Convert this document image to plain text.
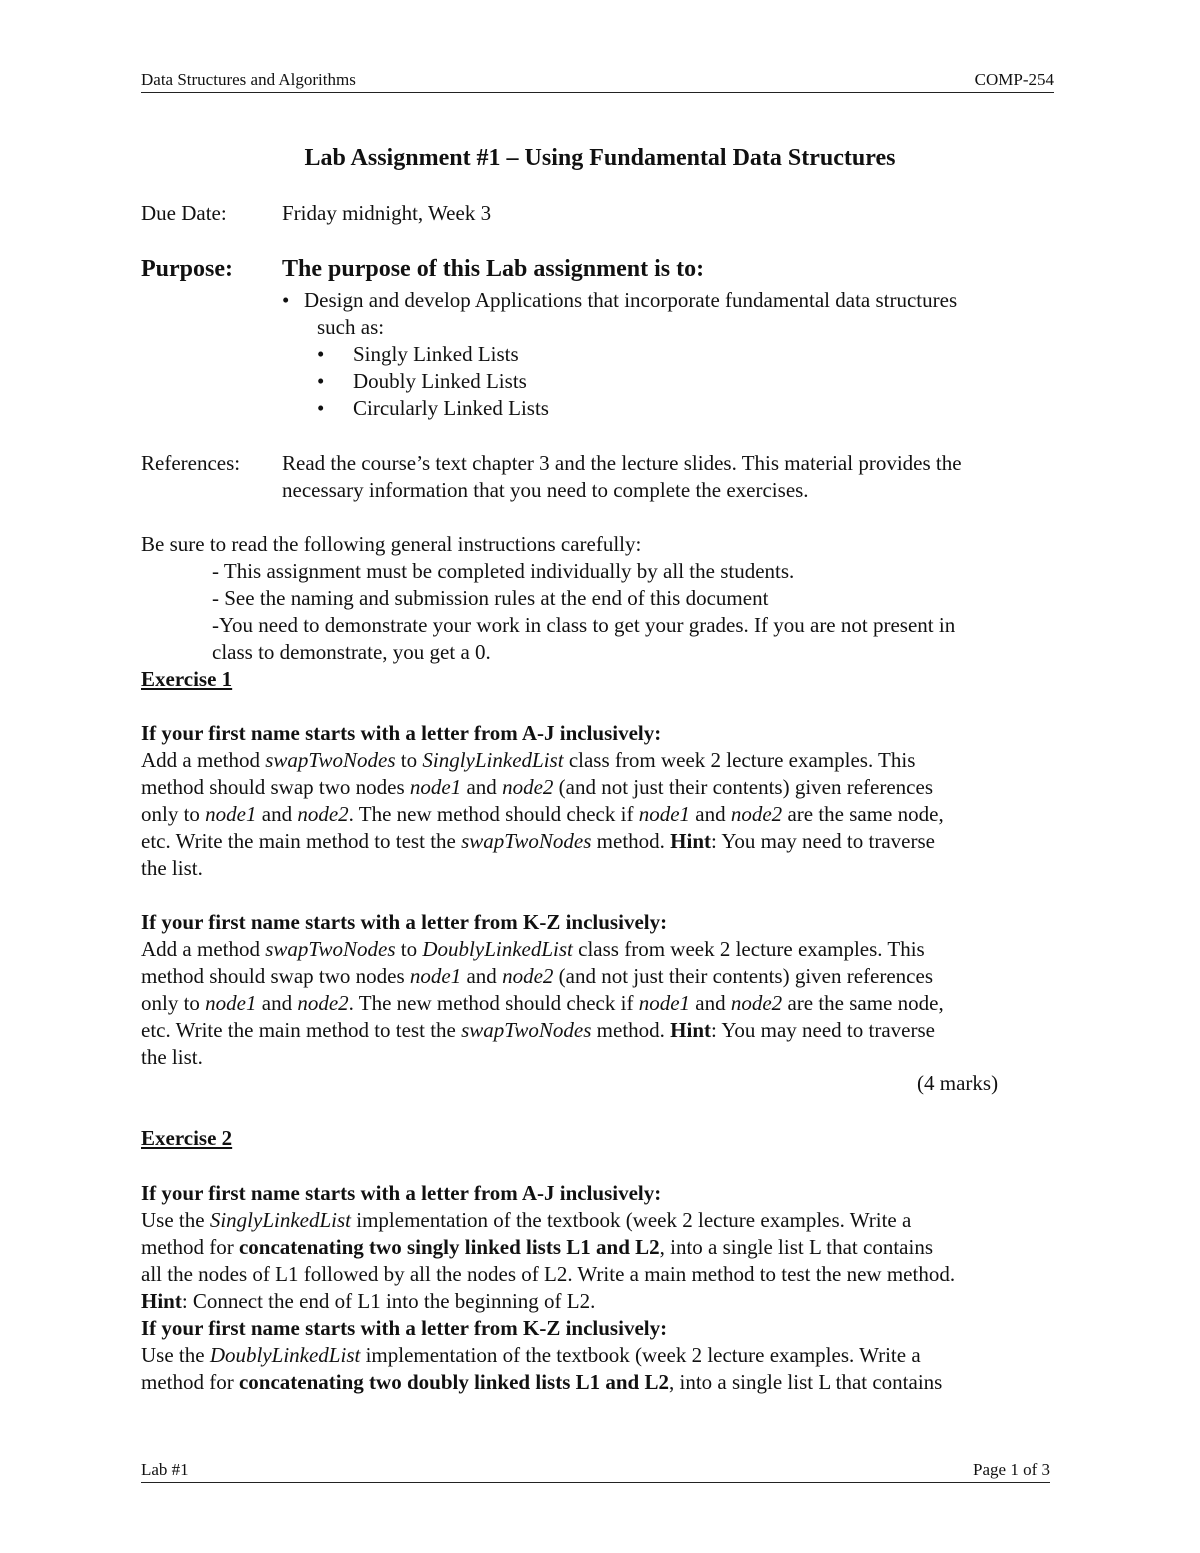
Data Structures and Algorithms	COMP-254
Lab Assignment #1 – Using Fundamental Data Structures
Due Date:	Friday midnight, Week 3
Purpose: The purpose of this Lab assignment is to:
• Design and develop Applications that incorporate fundamental data structures
such as:
• Singly Linked Lists
• Doubly Linked Lists
• Circularly Linked Lists
References: Read the course’s text chapter 3 and the lecture slides. This material provides the
necessary information that you need to complete the exercises.
Be sure to read the following general instructions carefully:
- This assignment must be completed individually by all the students.
- See the naming and submission rules at the end of this document
-You need to demonstrate your work in class to get your grades. If you are not present in
class to demonstrate, you get a 0.
Exercise 1
If your first name starts with a letter from A-J inclusively:
Add a method swapTwoNodes to SinglyLinkedList class from week 2 lecture examples. This
method should swap two nodes node1 and node2 (and not just their contents) given references
only to node1 and node2. The new method should check if node1 and node2 are the same node,
etc. Write the main method to test the swapTwoNodes method. Hint: You may need to traverse
the list.
If your first name starts with a letter from K-Z inclusively:
Add a method swapTwoNodes to DoublyLinkedList class from week 2 lecture examples. This
method should swap two nodes node1 and node2 (and not just their contents) given references
only to node1 and node2. The new method should check if node1 and node2 are the same node,
etc. Write the main method to test the swapTwoNodes method. Hint: You may need to traverse
the list.
(4 marks)
Exercise 2
If your first name starts with a letter from A-J inclusively:
Use the SinglyLinkedList implementation of the textbook (week 2 lecture examples. Write a
method for concatenating two singly linked lists L1 and L2, into a single list L that contains
all the nodes of L1 followed by all the nodes of L2. Write a main method to test the new method.
Hint: Connect the end of L1 into the beginning of L2.
If your first name starts with a letter from K-Z inclusively:
Use the DoublyLinkedList implementation of the textbook (week 2 lecture examples. Write a
method for concatenating two doubly linked lists L1 and L2, into a single list L that contains
Lab #1	Page 1 of 3
